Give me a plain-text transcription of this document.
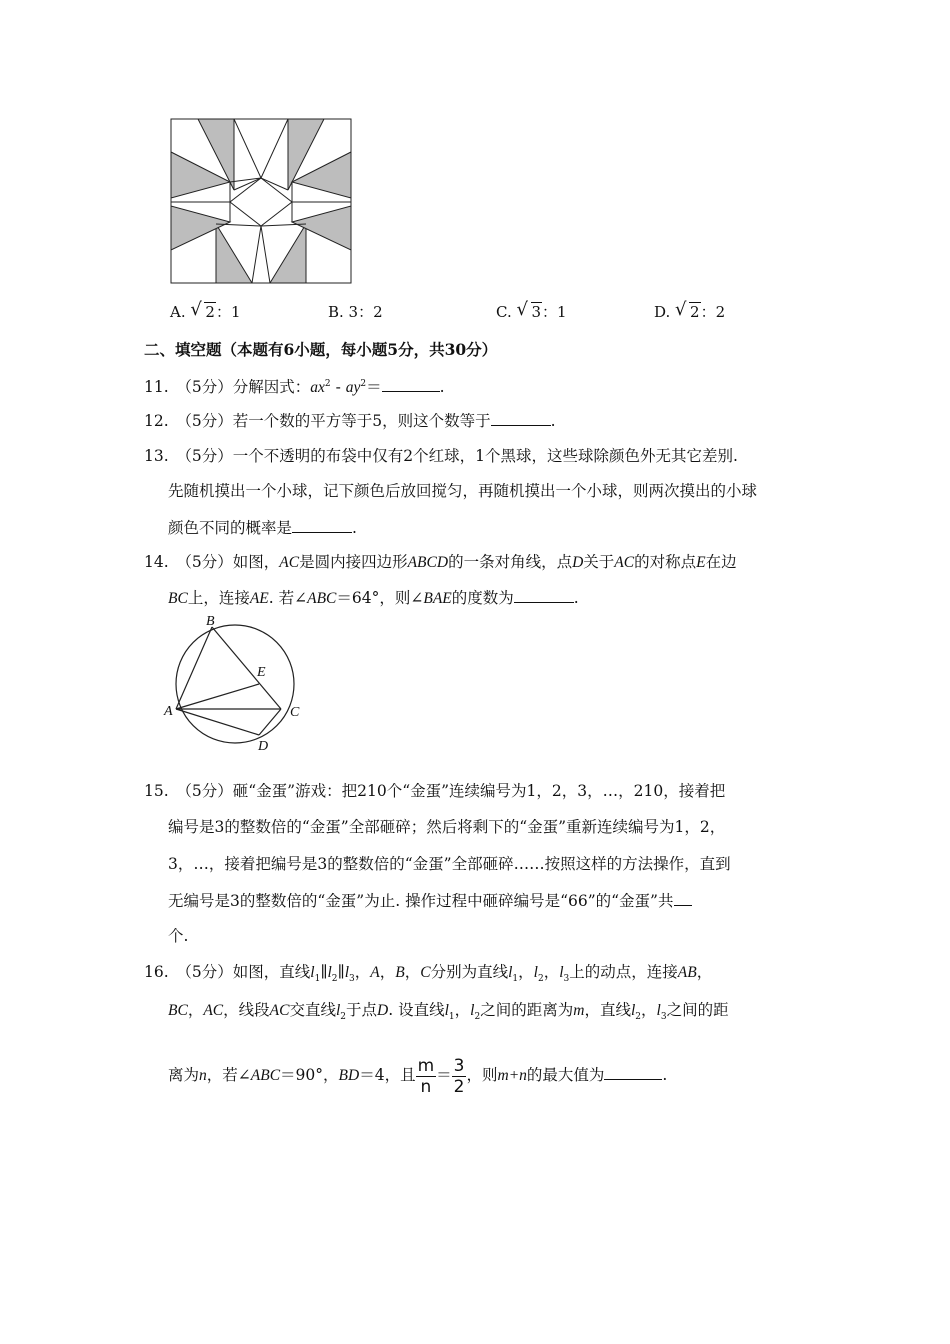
A. √ 2：1	B. 3：2	C. √ 3：1	D. √ 2：2
二、填空题（本题有6小题，每小题5分，共30分）
11.　（5分）分解因式：$ax^2 - ay^2=$	.
12.　（5分）若一个数的平方等于5，则这个数等于	.
13.　（5分）一个不透明的布袋中仅有2个红球，1个黑球，这些球除颜色外无其它差别.
先随机摸出一个小球，记下颜色后放回搅匀，再随机摸出一个小球，则两次摸出的小球
颜色不同的概率是	.
14.　（5分）如图，AC是圆内接四边形ABCD的一条对角线，点D关于AC的对称点E在边
BC上，连接AE. 若∠ABC＝64°，则∠BAE的度数为	.
B
E
A	C
D
15.　（5分）砸“金蛋”游戏：把210个“金蛋”连续编号为1，2，3，…，210，接着把
编号是3的整数倍的“金蛋”全部砸碎；然后将剩下的“金蛋”重新连续编号为1，2，
3，…，接着把编号是3的整数倍的“金蛋”全部砸碎……按照这样的方法操作，直到
无编号是3的整数倍的“金蛋”为止. 操作过程中砸碎编号是“66”的“金蛋”共
个.
16.　（5分）如图，直线$l_1\parallel l_2\parallel l_3$，A，B，C分别为直线$l_1$，$l_2$，$l_3$上的动点，连接AB，
BC，AC，线段AC交直线$l_2$于点D. 设直线$l_1$，$l_2$之间的距离为m，直线$l_2$，$l_3$之间的距
离为n，若∠ABC＝90°，BD＝4，且 $\frac{m}{n} = \frac{3}{2}$ ，则m+n的最大值为	.
